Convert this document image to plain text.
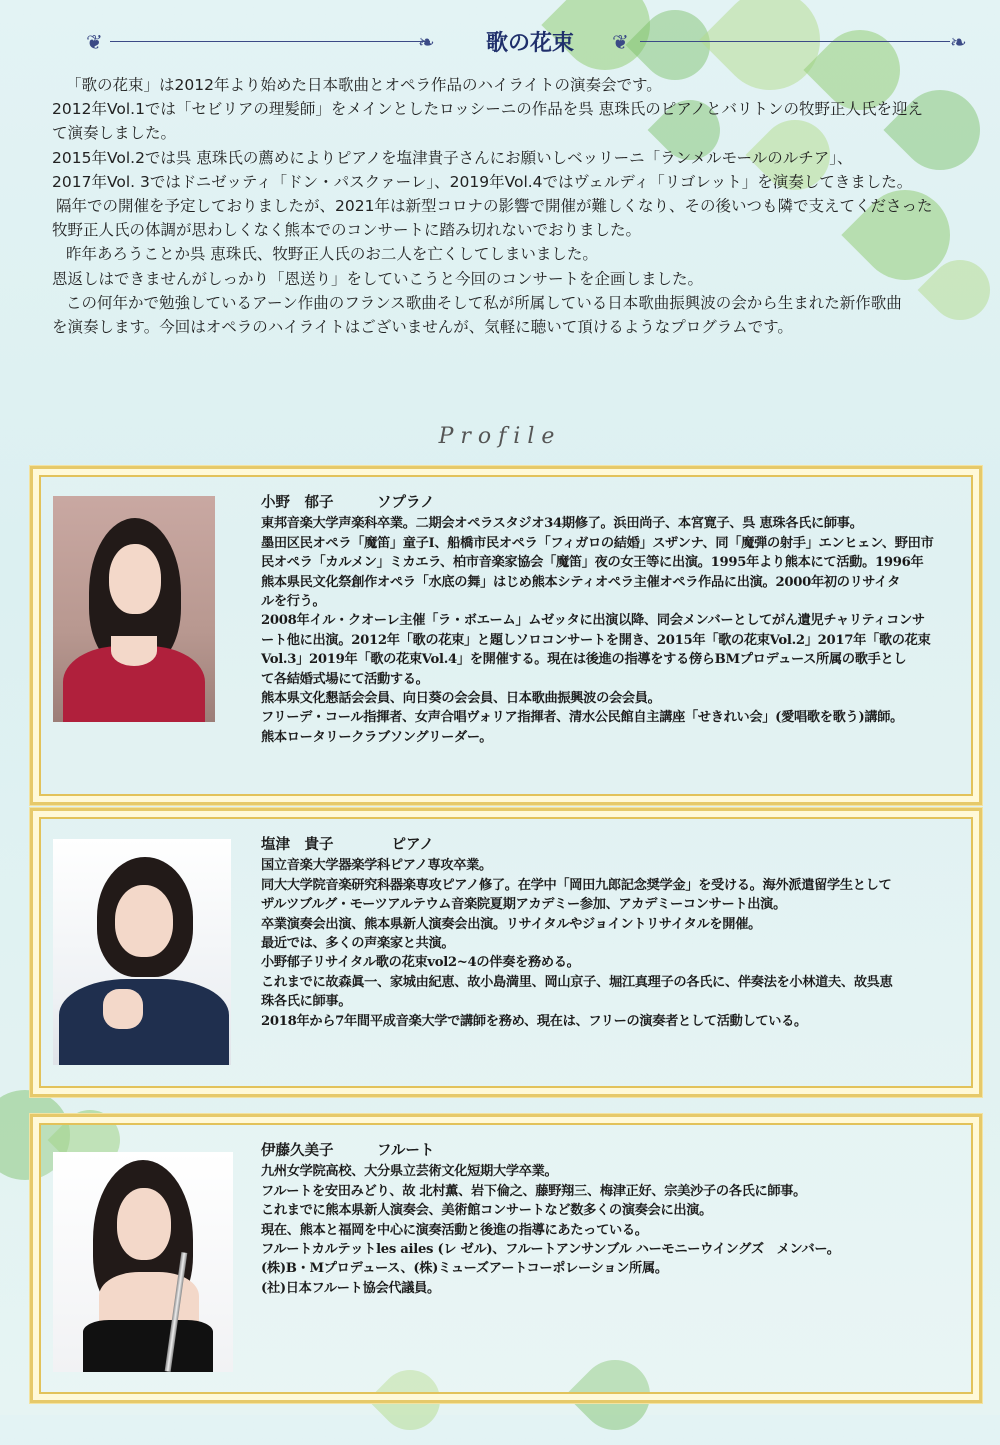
❦	❧	歌の花束	❦	❧

「歌の花束」は2012年より始めた日本歌曲とオペラ作品のハイライトの演奏会です。

2012年Vol.1では「セビリアの理髪師」をメインとしたロッシーニの作品を呉 恵珠氏のピアノとバリトンの牧野正人氏を迎え

て演奏しました。

2015年Vol.2では呉 恵珠氏の薦めによりピアノを塩津貴子さんにお願いしベッリーニ「ランメルモールのルチア」、

2017年Vol. 3ではドニゼッティ「ドン・パスクァーレ」、2019年Vol.4ではヴェルディ「リゴレット」を演奏してきました。

隔年での開催を予定しておりましたが、2021年は新型コロナの影響で開催が難しくなり、その後いつも隣で支えてくださった

牧野正人氏の体調が思わしくなく熊本でのコンサートに踏み切れないでおりました。

昨年あろうことか呉 恵珠氏、牧野正人氏のお二人を亡くしてしまいました。

恩返しはできませんがしっかり「恩送り」をしていこうと今回のコンサートを企画しました。

この何年かで勉強しているアーン作曲のフランス歌曲そして私が所属している日本歌曲振興波の会から生まれた新作歌曲

を演奏します。今回はオペラのハイライトはございませんが、気軽に聴いて頂けるようなプログラムです。

Profile
小野　郁子　　　ソプラノ

東邦音楽大学声楽科卒業。二期会オペラスタジオ34期修了。浜田尚子、本宮寛子、呉 恵珠各氏に師事。

墨田区民オペラ「魔笛」童子Ⅰ、船橋市民オペラ「フィガロの結婚」スザンナ、同「魔弾の射手」エンヒェン、野田市

民オペラ「カルメン」ミカエラ、柏市音楽家協会「魔笛」夜の女王等に出演。1995年より熊本にて活動。1996年

熊本県民文化祭創作オペラ「水底の舞」はじめ熊本シティオペラ主催オペラ作品に出演。2000年初のリサイタ

ルを行う。

2008年イル・クオーレ主催「ラ・ボエーム」ムゼッタに出演以降、同会メンバーとしてがん遺児チャリティコンサ

ート他に出演。2012年「歌の花束」と題しソロコンサートを開き、2015年「歌の花束Vol.2」2017年「歌の花束

Vol.3」2019年「歌の花束Vol.4」を開催する。現在は後進の指導をする傍らBMプロデュース所属の歌手とし

て各結婚式場にて活動する。

熊本県文化懇話会会員、向日葵の会会員、日本歌曲振興波の会会員。

フリーデ・コール指揮者、女声合唱ヴォリア指揮者、清水公民館自主講座「せきれい会」(愛唱歌を歌う)講師。

熊本ロータリークラブソングリーダー。

塩津　貴子　　　　ピアノ

国立音楽大学器楽学科ピアノ専攻卒業。

同大大学院音楽研究科器楽専攻ピアノ修了。在学中「岡田九郎記念奨学金」を受ける。海外派遣留学生として

ザルツブルグ・モーツアルテウム音楽院夏期アカデミー参加、アカデミーコンサート出演。

卒業演奏会出演、熊本県新人演奏会出演。リサイタルやジョイントリサイタルを開催。

最近では、多くの声楽家と共演。

小野郁子リサイタル歌の花束vol2~4の伴奏を務める。

これまでに故森眞一、家城由紀恵、故小島満里、岡山京子、堀江真理子の各氏に、伴奏法を小林道夫、故呉恵

珠各氏に師事。

2018年から7年間平成音楽大学で講師を務め、現在は、フリーの演奏者として活動している。

伊藤久美子　　　フルート

九州女学院高校、大分県立芸術文化短期大学卒業。

フルートを安田みどり、故 北村薫、岩下倫之、藤野翔三、梅津正好、宗美沙子の各氏に師事。

これまでに熊本県新人演奏会、美術館コンサートなど数多くの演奏会に出演。

現在、熊本と福岡を中心に演奏活動と後進の指導にあたっている。

フルートカルテットles ailes (レ ゼル)、フルートアンサンブル ハーモニーウイングズ　メンバー。

(株)B・Mプロデュース、(株)ミューズアートコーポレーション所属。

(社)日本フルート協会代議員。
